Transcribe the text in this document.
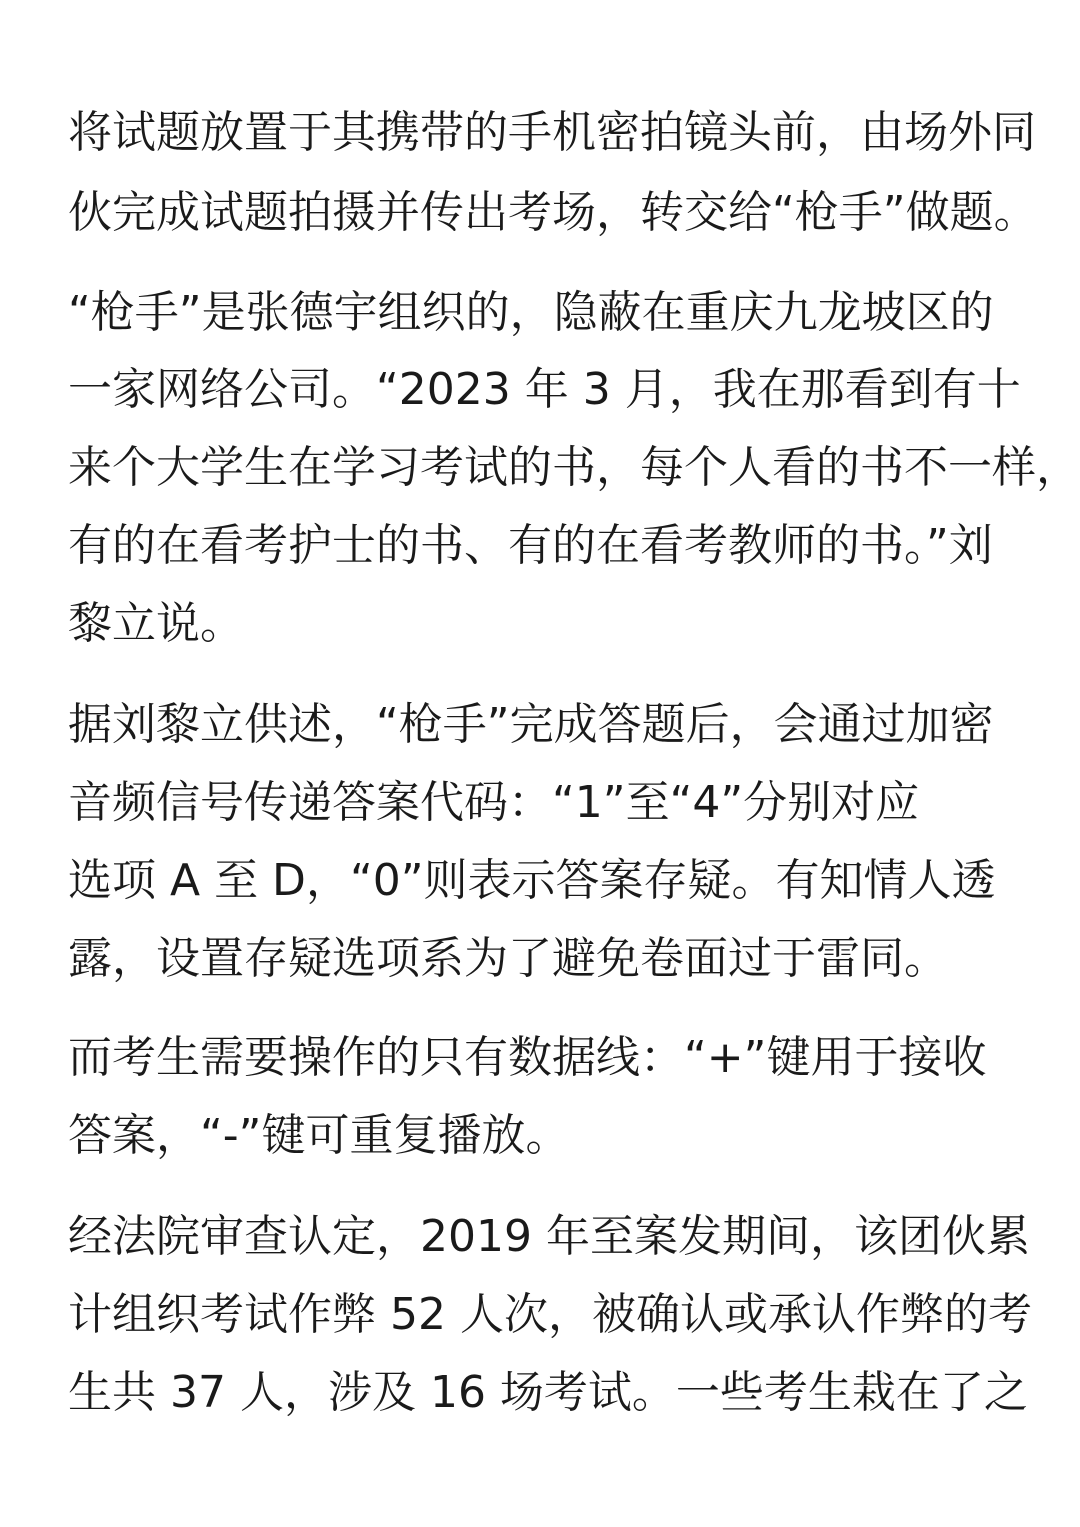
将试题放置于其携带的手机密拍镜头前，由场外同
伙完成试题拍摄并传出考场，转交给“枪手”做题。
“枪手”是张德宇组织的，隐蔽在重庆九龙坡区的
一家网络公司。“2023 年 3 月，我在那看到有十
来个大学生在学习考试的书，每个人看的书不一样，
有的在看考护士的书、有的在看考教师的书。”刘
黎立说。
据刘黎立供述，“枪手”完成答题后，会通过加密
音频信号传递答案代码：“1”至“4”分别对应
选项 A 至 D，“0”则表示答案存疑。有知情人透
露，设置存疑选项系为了避免卷面过于雷同。
而考生需要操作的只有数据线：“+”键用于接收
答案，“-”键可重复播放。
经法院审查认定，2019 年至案发期间，该团伙累
计组织考试作弊 52 人次，被确认或承认作弊的考
生共 37 人，涉及 16 场考试。一些考生栽在了之
